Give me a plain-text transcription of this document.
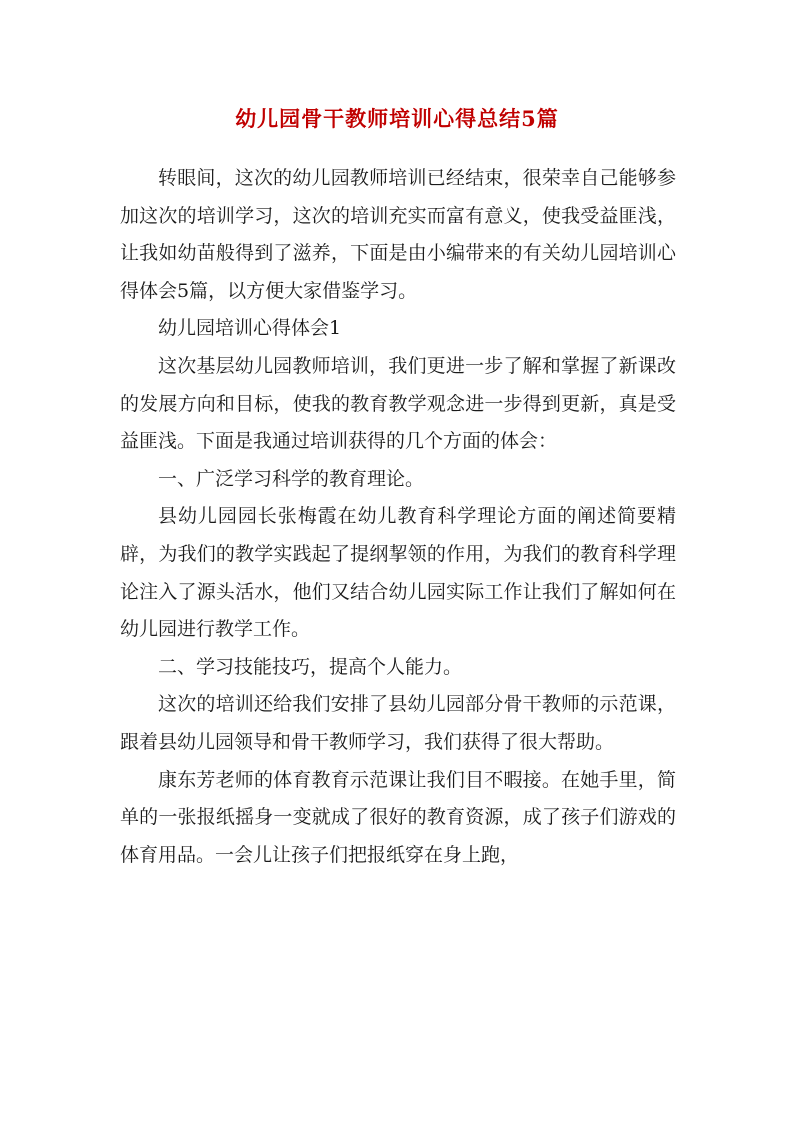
幼儿园骨干教师培训心得总结5篇

转眼间，这次的幼儿园教师培训已经结束，很荣幸自己能够参加这次的培训学习，这次的培训充实而富有意义，使我受益匪浅，让我如幼苗般得到了滋养，下面是由小编带来的有关幼儿园培训心得体会5篇，以方便大家借鉴学习。

幼儿园培训心得体会1

这次基层幼儿园教师培训，我们更进一步了解和掌握了新课改的发展方向和目标，使我的教育教学观念进一步得到更新，真是受益匪浅。下面是我通过培训获得的几个方面的体会：

一、广泛学习科学的教育理论。

县幼儿园园长张梅霞在幼儿教育科学理论方面的阐述简要精辟，为我们的教学实践起了提纲挈领的作用，为我们的教育科学理论注入了源头活水，他们又结合幼儿园实际工作让我们了解如何在幼儿园进行教学工作。

二、学习技能技巧，提高个人能力。

这次的培训还给我们安排了县幼儿园部分骨干教师的示范课，跟着县幼儿园领导和骨干教师学习，我们获得了很大帮助。

康东芳老师的体育教育示范课让我们目不暇接。在她手里，简单的一张报纸摇身一变就成了很好的教育资源，成了孩子们游戏的体育用品。一会儿让孩子们把报纸穿在身上跑，
